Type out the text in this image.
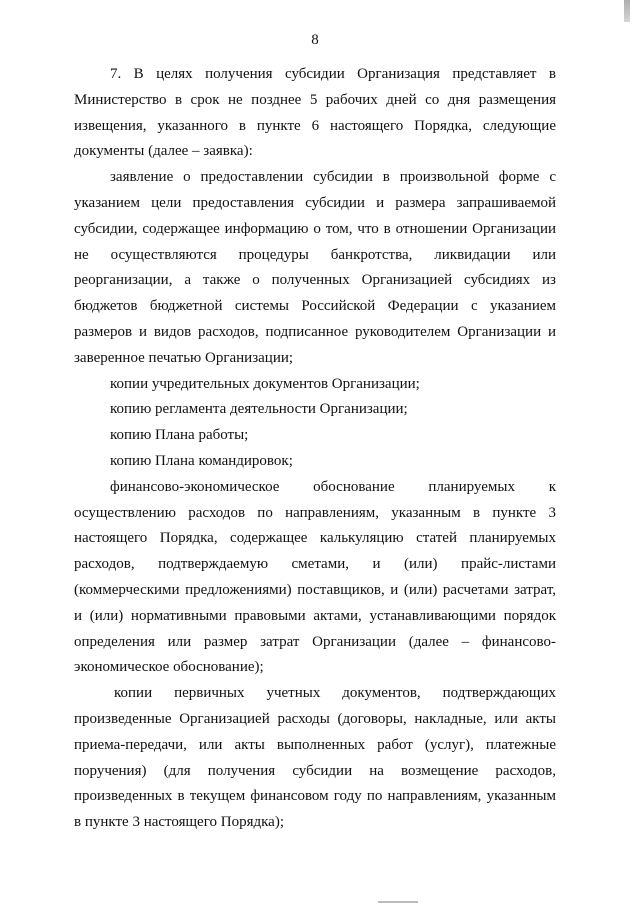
8

7. В целях получения субсидии Организация представляет в Министерство в срок не позднее 5 рабочих дней со дня размещения извещения, указанного в пункте 6 настоящего Порядка, следующие документы (далее – заявка):

заявление о предоставлении субсидии в произвольной форме с указанием цели предоставления субсидии и размера запрашиваемой субсидии, содержащее информацию о том, что в отношении Организации не осуществляются процедуры банкротства, ликвидации или реорганизации, а также о полученных Организацией субсидиях из бюджетов бюджетной системы Российской Федерации с указанием размеров и видов расходов, подписанное руководителем Организации и заверенное печатью Организации;

копии учредительных документов Организации;

копию регламента деятельности Организации;

копию Плана работы;

копию Плана командировок;

финансово-экономическое обоснование планируемых к осуществлению расходов по направлениям, указанным в пункте 3 настоящего Порядка, содержащее калькуляцию статей планируемых расходов, подтверждаемую сметами, и (или) прайс-листами (коммерческими предложениями) поставщиков, и (или) расчетами затрат, и (или) нормативными правовыми актами, устанавливающими порядок определения или размер затрат Организации (далее – финансово-экономическое обоснование);

копии первичных учетных документов, подтверждающих произведенные Организацией расходы (договоры, накладные, или акты приема-передачи, или акты выполненных работ (услуг), платежные поручения) (для получения субсидии на возмещение расходов, произведенных в текущем финансовом году по направлениям, указанным в пункте 3 настоящего Порядка);
